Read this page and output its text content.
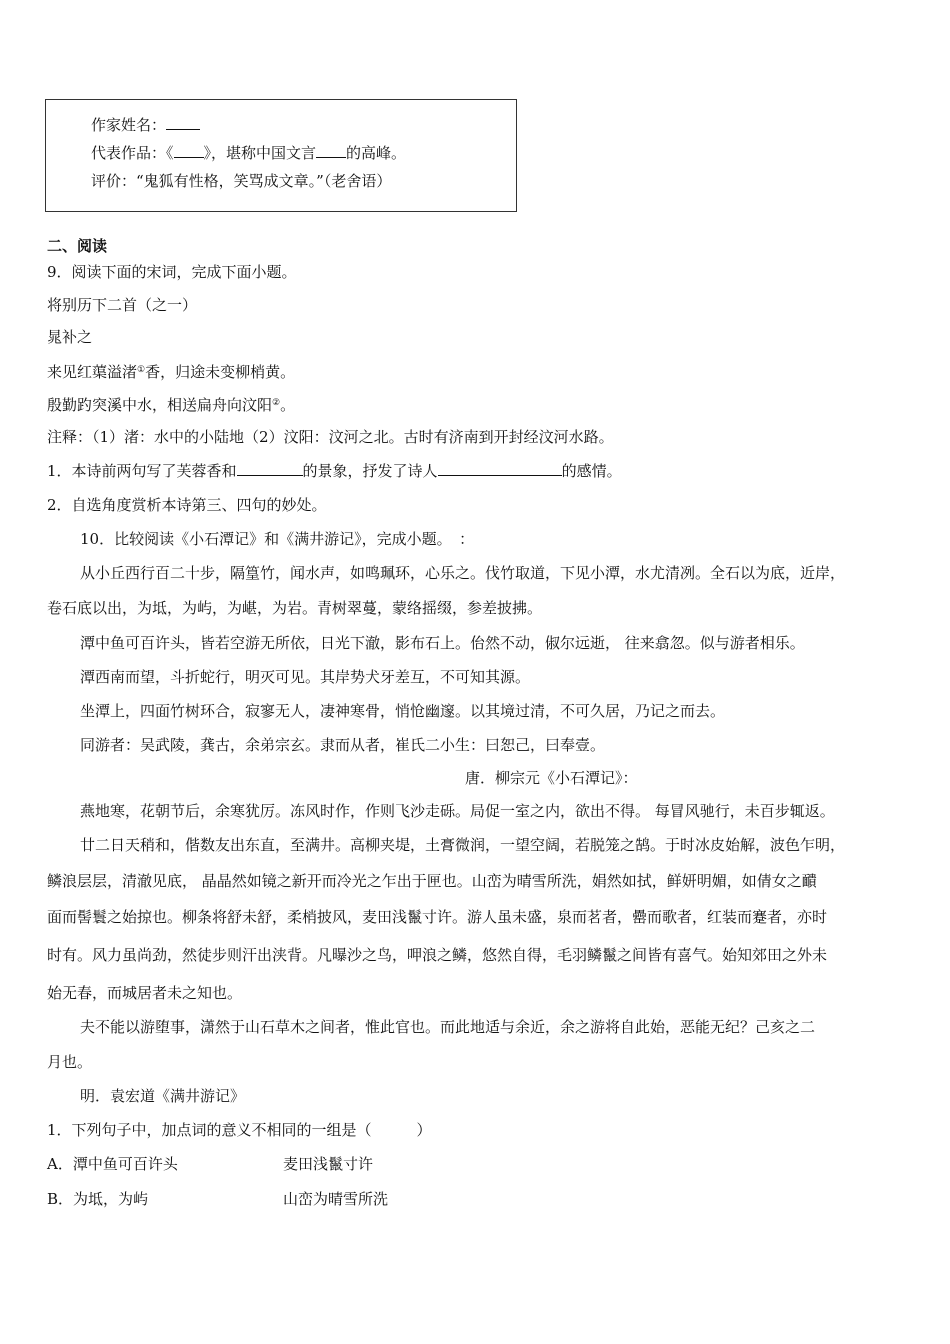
作家姓名：
代表作品：《 》，堪称中国文言 的高峰。
评价：“鬼狐有性格，笑骂成文章。”（老舍语）
二、阅读
9．阅读下面的宋词，完成下面小题。
将别历下二首（之一）
晁补之
来见红蕖溢渚①香，归途未变柳梢黄。
殷勤趵突溪中水，相送扁舟向汶阳②。
注释：（1）渚：水中的小陆地（2）汶阳：汶河之北。古时有济南到开封经汶河水路。
1．本诗前两句写了芙蓉香和	的景象，抒发了诗人	的感情。
2．自选角度赏析本诗第三、四句的妙处。
10．比较阅读《小石潭记》和《满井游记》，完成小题。　：
从小丘西行百二十步，隔篁竹，闻水声，如鸣珮环，心乐之。伐竹取道，下见小潭，水尤清冽。全石以为底，近岸，
卷石底以出，为坻，为屿，为嵁，为岩。青树翠蔓，蒙络摇缀，参差披拂。
潭中鱼可百许头，皆若空游无所依，日光下澈，影布石上。佁然不动，俶尔远逝， 往来翕忽。似与游者相乐。
潭西南而望，斗折蛇行，明灭可见。其岸势犬牙差互，不可知其源。
坐潭上，四面竹树环合，寂寥无人，凄神寒骨，悄怆幽邃。以其境过清，不可久居，乃记之而去。
同游者：吴武陵，龚古，余弟宗玄。隶而从者，崔氏二小生：曰恕己，曰奉壹。
唐．柳宗元《小石潭记》：
燕地寒，花朝节后，余寒犹厉。冻风时作，作则飞沙走砾。局促一室之内，欲出不得。 每冒风驰行，未百步辄返。
廿二日天稍和，偕数友出东直，至满井。高柳夹堤，土膏微润，一望空阔，若脱笼之鹄。于时冰皮始解，波色乍明，
鳞浪层层，清澈见底， 晶晶然如镜之新开而冷光之乍出于匣也。山峦为晴雪所洗，娟然如拭，鲜妍明媚，如倩女之靧
面而髻鬟之始掠也。柳条将舒未舒，柔梢披风，麦田浅鬣寸许。游人虽未盛，泉而茗者，罍而歌者，红装而蹇者，亦时
时有。风力虽尚劲，然徒步则汗出浃背。凡曝沙之鸟，呷浪之鳞，悠然自得，毛羽鳞鬣之间皆有喜气。始知郊田之外未
始无春，而城居者未之知也。
夫不能以游堕事，潇然于山石草木之间者，惟此官也。而此地适与余近，余之游将自此始，恶能无纪？己亥之二
月也。
明．袁宏道《满井游记》
1．下列句子中，加点词的意义不相同的一组是（　　　）
A．潭中鱼可百许头	麦田浅鬣寸许
B．为坻，为屿	山峦为晴雪所洗
